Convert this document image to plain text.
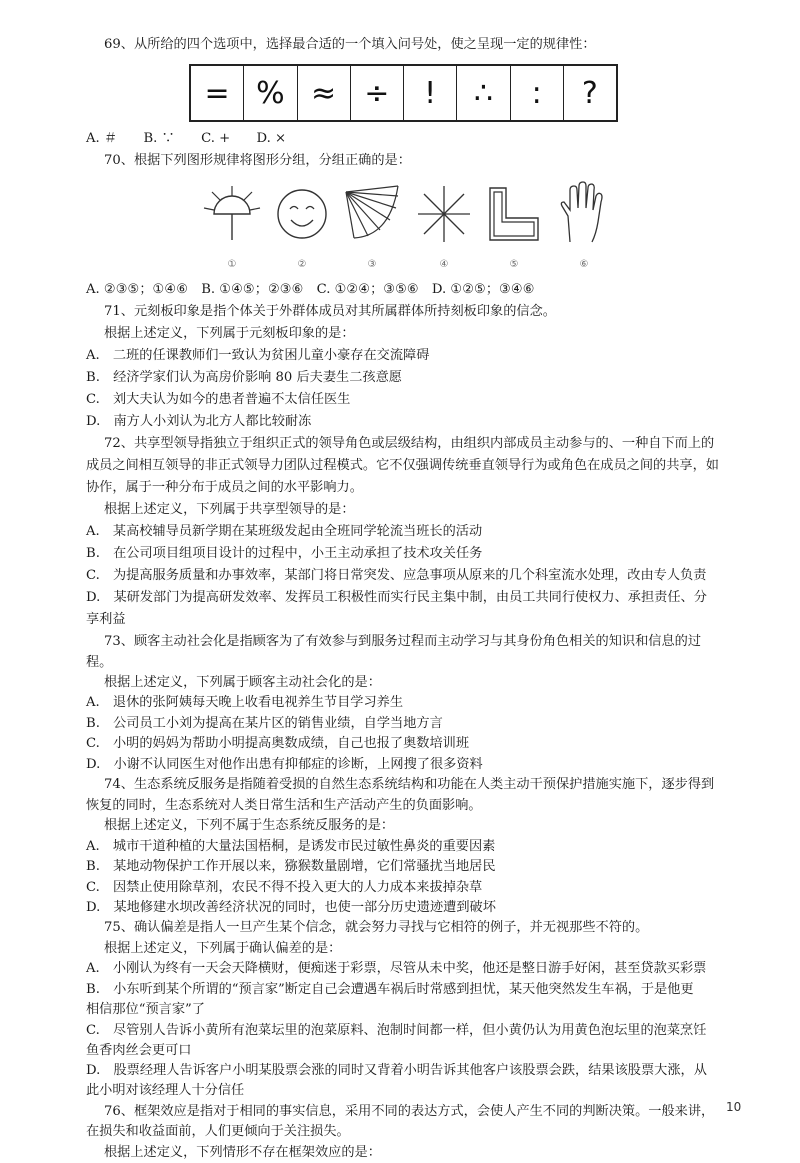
69、从所给的四个选项中，选择最合适的一个填入问号处，使之呈现一定的规律性：
= % ≈ ÷	!	∴	:	?
A. ＃　　B. ∵　　C. +　　D. ×
70、根据下列图形规律将图形分组，分组正确的是：
①	②	③	④	⑤	⑥
A. ②③⑤；①④⑥　B. ①④⑤；②③⑥　C. ①②④；③⑤⑥　D. ①②⑤；③④⑥
71、元刻板印象是指个体关于外群体成员对其所属群体所持刻板印象的信念。
根据上述定义，下列属于元刻板印象的是：
A.　二班的任课教师们一致认为贫困儿童小豪存在交流障碍
B.　经济学家们认为高房价影响 80 后夫妻生二孩意愿
C.　刘大夫认为如今的患者普遍不太信任医生
D.　南方人小刘认为北方人都比较耐冻
72、共享型领导指独立于组织正式的领导角色或层级结构，由组织内部成员主动参与的、一种自下而上的
成员之间相互领导的非正式领导力团队过程模式。它不仅强调传统垂直领导行为或角色在成员之间的共享，如
协作，属于一种分布于成员之间的水平影响力。
根据上述定义，下列属于共享型领导的是：
A.　某高校辅导员新学期在某班级发起由全班同学轮流当班长的活动
B.　在公司项目组项目设计的过程中，小王主动承担了技术攻关任务
C.　为提高服务质量和办事效率，某部门将日常突发、应急事项从原来的几个科室流水处理，改由专人负责
D.　某研发部门为提高研发效率、发挥员工积极性而实行民主集中制，由员工共同行使权力、承担责任、分
享利益
73、顾客主动社会化是指顾客为了有效参与到服务过程而主动学习与其身份角色相关的知识和信息的过
程。
根据上述定义，下列属于顾客主动社会化的是：
A.　退休的张阿姨每天晚上收看电视养生节目学习养生
B.　公司员工小刘为提高在某片区的销售业绩，自学当地方言
C.　小明的妈妈为帮助小明提高奥数成绩，自己也报了奥数培训班
D.　小谢不认同医生对他作出患有抑郁症的诊断，上网搜了很多资料
74、生态系统反服务是指随着受损的自然生态系统结构和功能在人类主动干预保护措施实施下，逐步得到
恢复的同时，生态系统对人类日常生活和生产活动产生的负面影响。
根据上述定义，下列不属于生态系统反服务的是：
A.　城市干道种植的大量法国梧桐，是诱发市民过敏性鼻炎的重要因素
B.　某地动物保护工作开展以来，猕猴数量剧增，它们常骚扰当地居民
C.　因禁止使用除草剂，农民不得不投入更大的人力成本来拔掉杂草
D.　某地修建水坝改善经济状况的同时，也使一部分历史遗迹遭到破坏
75、确认偏差是指人一旦产生某个信念，就会努力寻找与它相符的例子，并无视那些不符的。
根据上述定义，下列属于确认偏差的是：
A.　小刚认为终有一天会天降横财，便痴迷于彩票，尽管从未中奖，他还是整日游手好闲，甚至贷款买彩票
B.　小东听到某个所谓的“预言家”断定自己会遭遇车祸后时常感到担忧，某天他突然发生车祸，于是他更
相信那位“预言家”了
C.　尽管别人告诉小黄所有泡菜坛里的泡菜原料、泡制时间都一样，但小黄仍认为用黄色泡坛里的泡菜烹饪
鱼香肉丝会更可口
D.　股票经理人告诉客户小明某股票会涨的同时又背着小明告诉其他客户该股票会跌，结果该股票大涨，从
此小明对该经理人十分信任
76、框架效应是指对于相同的事实信息，采用不同的表达方式，会使人产生不同的判断决策。一般来讲，
在损失和收益面前，人们更倾向于关注损失。
根据上述定义，下列情形不存在框架效应的是：
10
